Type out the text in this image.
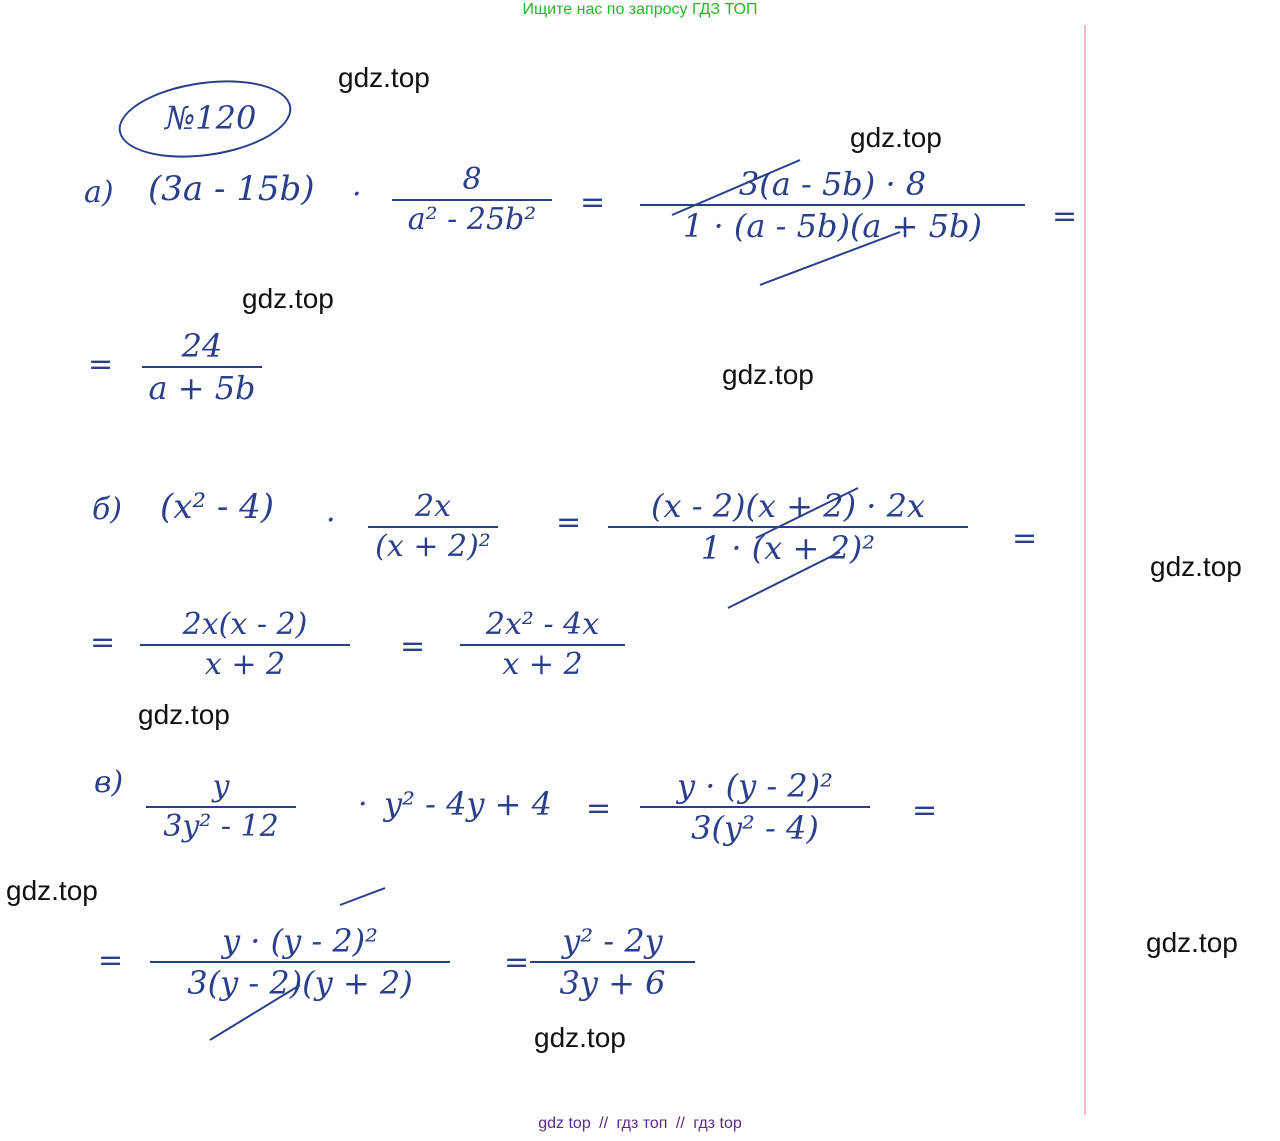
Ищите нас по запросу ГДЗ ТОП
gdz.top
gdz.top
gdz.top
gdz.top
gdz.top
gdz.top
gdz.top
gdz.top
gdz.top
№120
а) (3a - 15b) ·	8
a² - 25b² =	3(a - 5b) · 8
1 · (a - 5b)(a + 5b) =
= 24
a + 5b
б) (x² - 4) ·	2x
(x + 2)²
= (x - 2)(x + 2) · 2x
1 · (x + 2)²	=
=
2x(x - 2)
x + 2
=
2x² - 4x
x + 2
в)	y
3y² - 12
· y² - 4y + 4 =
y · (y - 2)²
3(y² - 4)	=
=
y · (y - 2)²
3(y - 2)(y + 2)
=
y² - 2y
3y + 6
gdz top // гдз топ // гдз top
